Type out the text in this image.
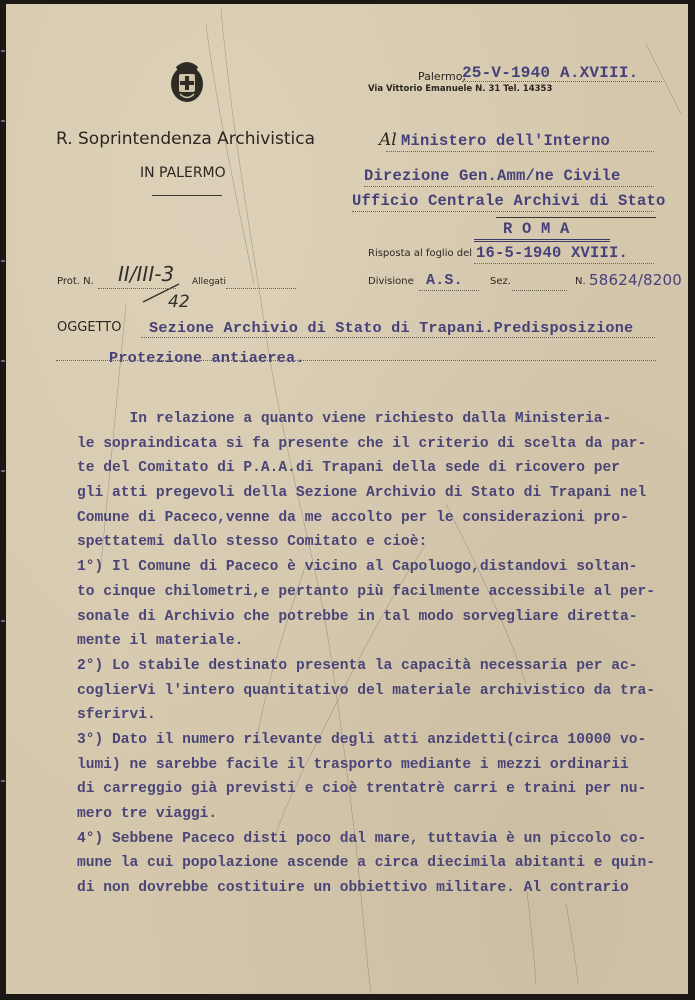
R. Soprintendenza Archivistica
IN PALERMO
Palermo,
25-V-1940 A.XVIII.
Via Vittorio Emanuele N. 31 Tel. 14353
Al Ministero dell'Interno
Direzione Gen.Amm/ne Civile
Ufficio Centrale Archivi di Stato
R O M A
Risposta al foglio del 16-5-1940 XVIII.
Divisione A.S.	Sez.	N. 58624/8200
Prot. N. II/III-3
42
Allegati
OGGETTO Sezione Archivio di Stato di Trapani.Predisposizione
Protezione antiaerea.
In relazione a quanto viene richiesto dalla Ministeria-
le sopraindicata si fa presente che il criterio di scelta da par-
te del Comitato di P.A.A.di Trapani della sede di ricovero per
gli atti pregevoli della Sezione Archivio di Stato di Trapani nel
Comune di Paceco,venne da me accolto per le considerazioni pro-
spettatemi dallo stesso Comitato e cioè:
1°) Il Comune di Paceco è vicino al Capoluogo,distandovi soltan-
to cinque chilometri,e pertanto più facilmente accessibile al per-
sonale di Archivio che potrebbe in tal modo sorvegliare diretta-
mente il materiale.
2°) Lo stabile destinato presenta la capacità necessaria per ac-
coglierVi l'intero quantitativo del materiale archivistico da tra-
sferirvi.
3°) Dato il numero rilevante degli atti anzidetti(circa 10000 vo-
lumi) ne sarebbe facile il trasporto mediante i mezzi ordinarii
di carreggio già previsti e cioè trentatrè carri e traini per nu-
mero tre viaggi.
4°) Sebbene Paceco disti poco dal mare, tuttavia è un piccolo co-
mune la cui popolazione ascende a circa diecimila abitanti e quin-
di non dovrebbe costituire un obbiettivo militare. Al contrario
